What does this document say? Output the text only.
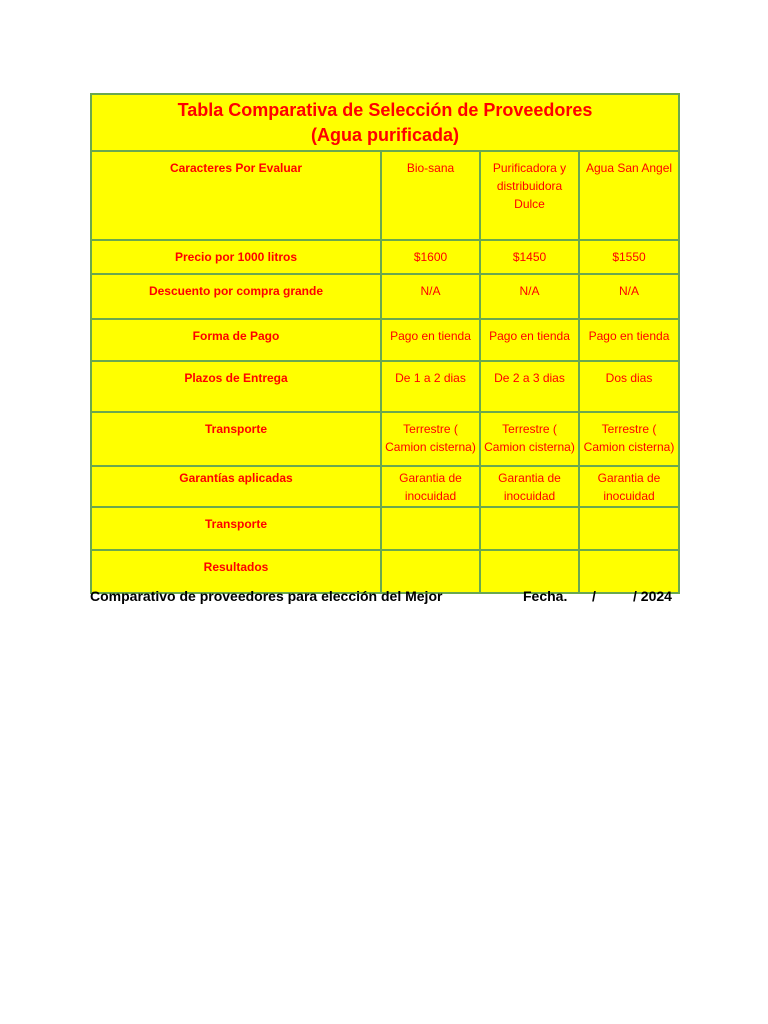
Tabla Comparativa de Selección de Proveedores
(Agua purificada)			

Caracteres Por Evaluar	Bio-sana	Purificadora y distribuidora Dulce	Agua San Angel
Precio por 1000 litros	$1600	$1450	$1550
Descuento por compra grande	N/A	N/A	N/A
Forma de Pago	Pago en tienda	Pago en tienda	Pago en tienda
Plazos de Entrega	De 1 a 2 dias	De 2 a 3 dias	Dos dias
Transporte	Terrestre ( Camion cisterna)	Terrestre ( Camion cisterna)	Terrestre ( Camion cisterna)
Garantías aplicadas	Garantia de inocuidad	Garantia de inocuidad	Garantia de inocuidad
Transporte			
Resultados			
Comparativo de proveedores para elección del Mejor	Fecha. /	/ 2024
